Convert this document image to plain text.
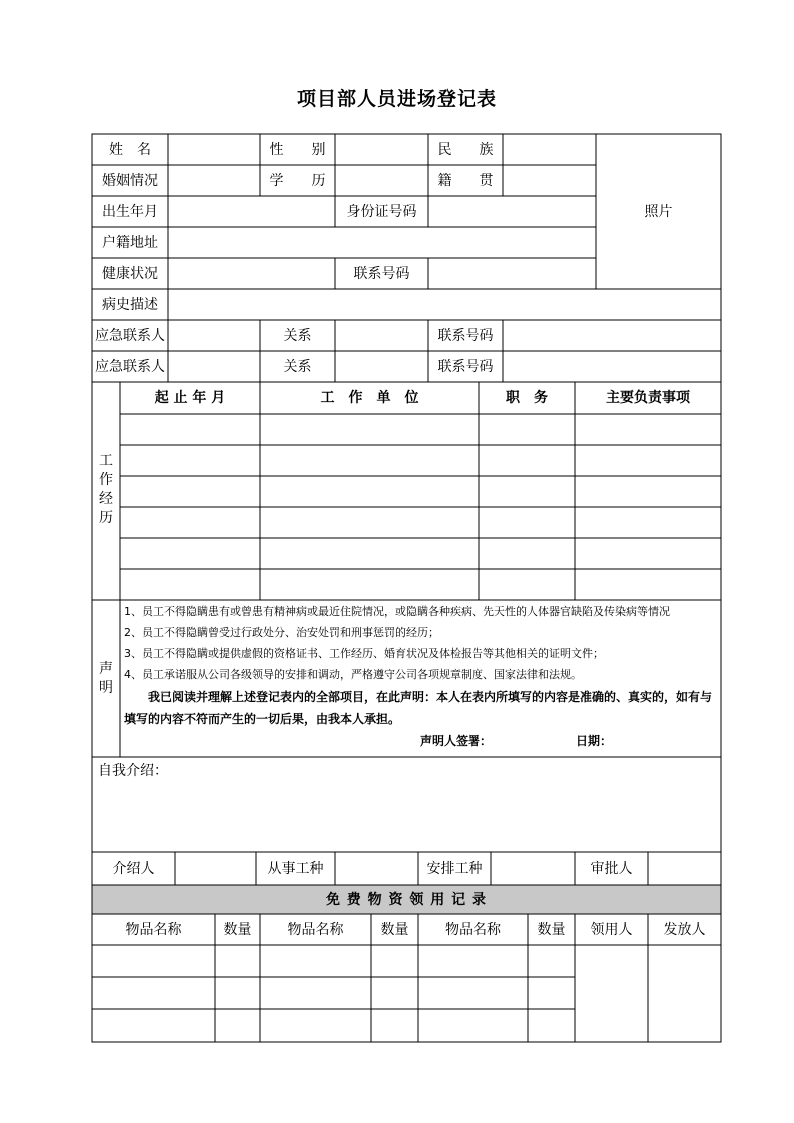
项目部人员进场登记表
姓　名	性　　别	民　　族
婚姻情况	学　　历	籍　　贯
出生年月	身份证号码
户籍地址
健康状况	联系号码
照片
病史描述
应急联系人	关系	联系号码
应急联系人	关系	联系号码
工
作
经
历
起 止 年 月	工　作　单　位	职　务	主要负责事项
声
明
1、员工不得隐瞒患有或曾患有精神病或最近住院情况，或隐瞒各种疾病、先天性的人体器官缺陷及传染病等情况
2、员工不得隐瞒曾受过行政处分、治安处罚和刑事惩罚的经历；
3、员工不得隐瞒或提供虚假的资格证书、工作经历、婚育状况及体检报告等其他相关的证明文件；
4、员工承诺服从公司各级领导的安排和调动，严格遵守公司各项规章制度、国家法律和法规。
我已阅读并理解上述登记表内的全部项目，在此声明：本人在表内所填写的内容是准确的、真实的，如有与填写的内容不符而产生的一切后果，由我本人承担。
声明人签署：	日期：
自我介绍：
介绍人	从事工种	安排工种	审批人
免 费 物 资 领 用 记 录
物品名称	数量	物品名称	数量	物品名称	数量	领用人	发放人
